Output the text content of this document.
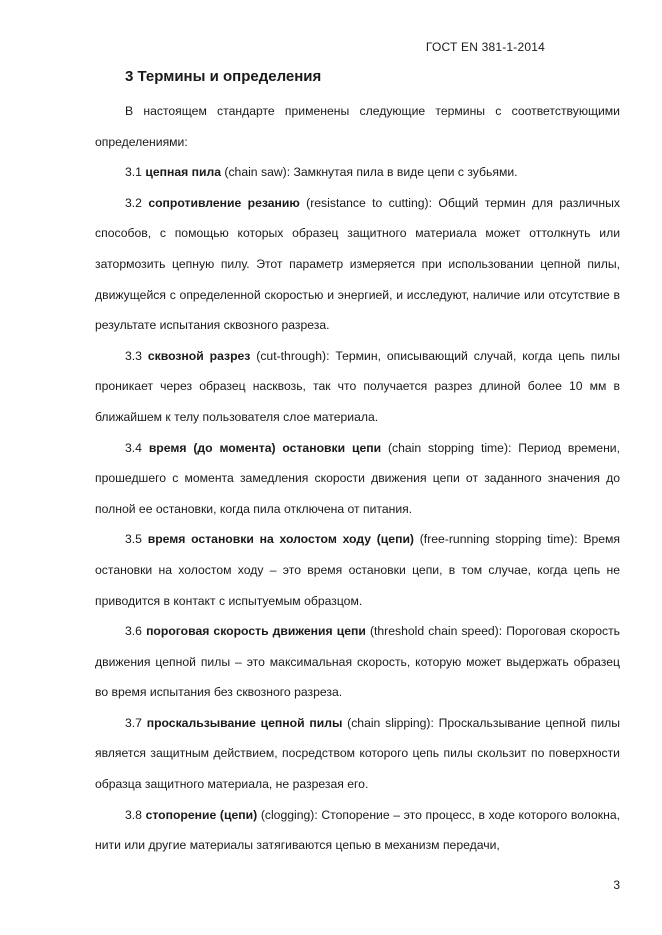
ГОСТ EN 381-1-2014
3 Термины и определения

В настоящем стандарте применены следующие термины с соответствующими определениями:

3.1 цепная пила (chain saw): Замкнутая пила в виде цепи с зубьями.

3.2 сопротивление резанию (resistance to cutting): Общий термин для различных способов, с помощью которых образец защитного материала может оттолкнуть или затормозить цепную пилу. Этот параметр измеряется при использовании цепной пилы, движущейся с определенной скоростью и энергией, и исследуют, наличие или отсутствие в результате испытания сквозного разреза.

3.3 сквозной разрез (cut-through): Термин, описывающий случай, когда цепь пилы проникает через образец насквозь, так что получается разрез длиной более 10 мм в ближайшем к телу пользователя слое материала.

3.4 время (до момента) остановки цепи (chain stopping time): Период времени, прошедшего с момента замедления скорости движения цепи от заданного значения до полной ее остановки, когда пила отключена от питания.

3.5 время остановки на холостом ходу (цепи) (free-running stopping time): Время остановки на холостом ходу – это время остановки цепи, в том случае, когда цепь не приводится в контакт с испытуемым образцом.

3.6 пороговая скорость движения цепи (threshold chain speed): Пороговая скорость движения цепной пилы – это максимальная скорость, которую может выдержать образец во время испытания без сквозного разреза.

3.7 проскальзывание цепной пилы (chain slipping): Проскальзывание цепной пилы является защитным действием, посредством которого цепь пилы скользит по поверхности образца защитного материала, не разрезая его.

3.8 стопорение (цепи) (clogging): Стопорение – это процесс, в ходе которого волокна, нити или другие материалы затягиваются цепью в механизм передачи,

3
